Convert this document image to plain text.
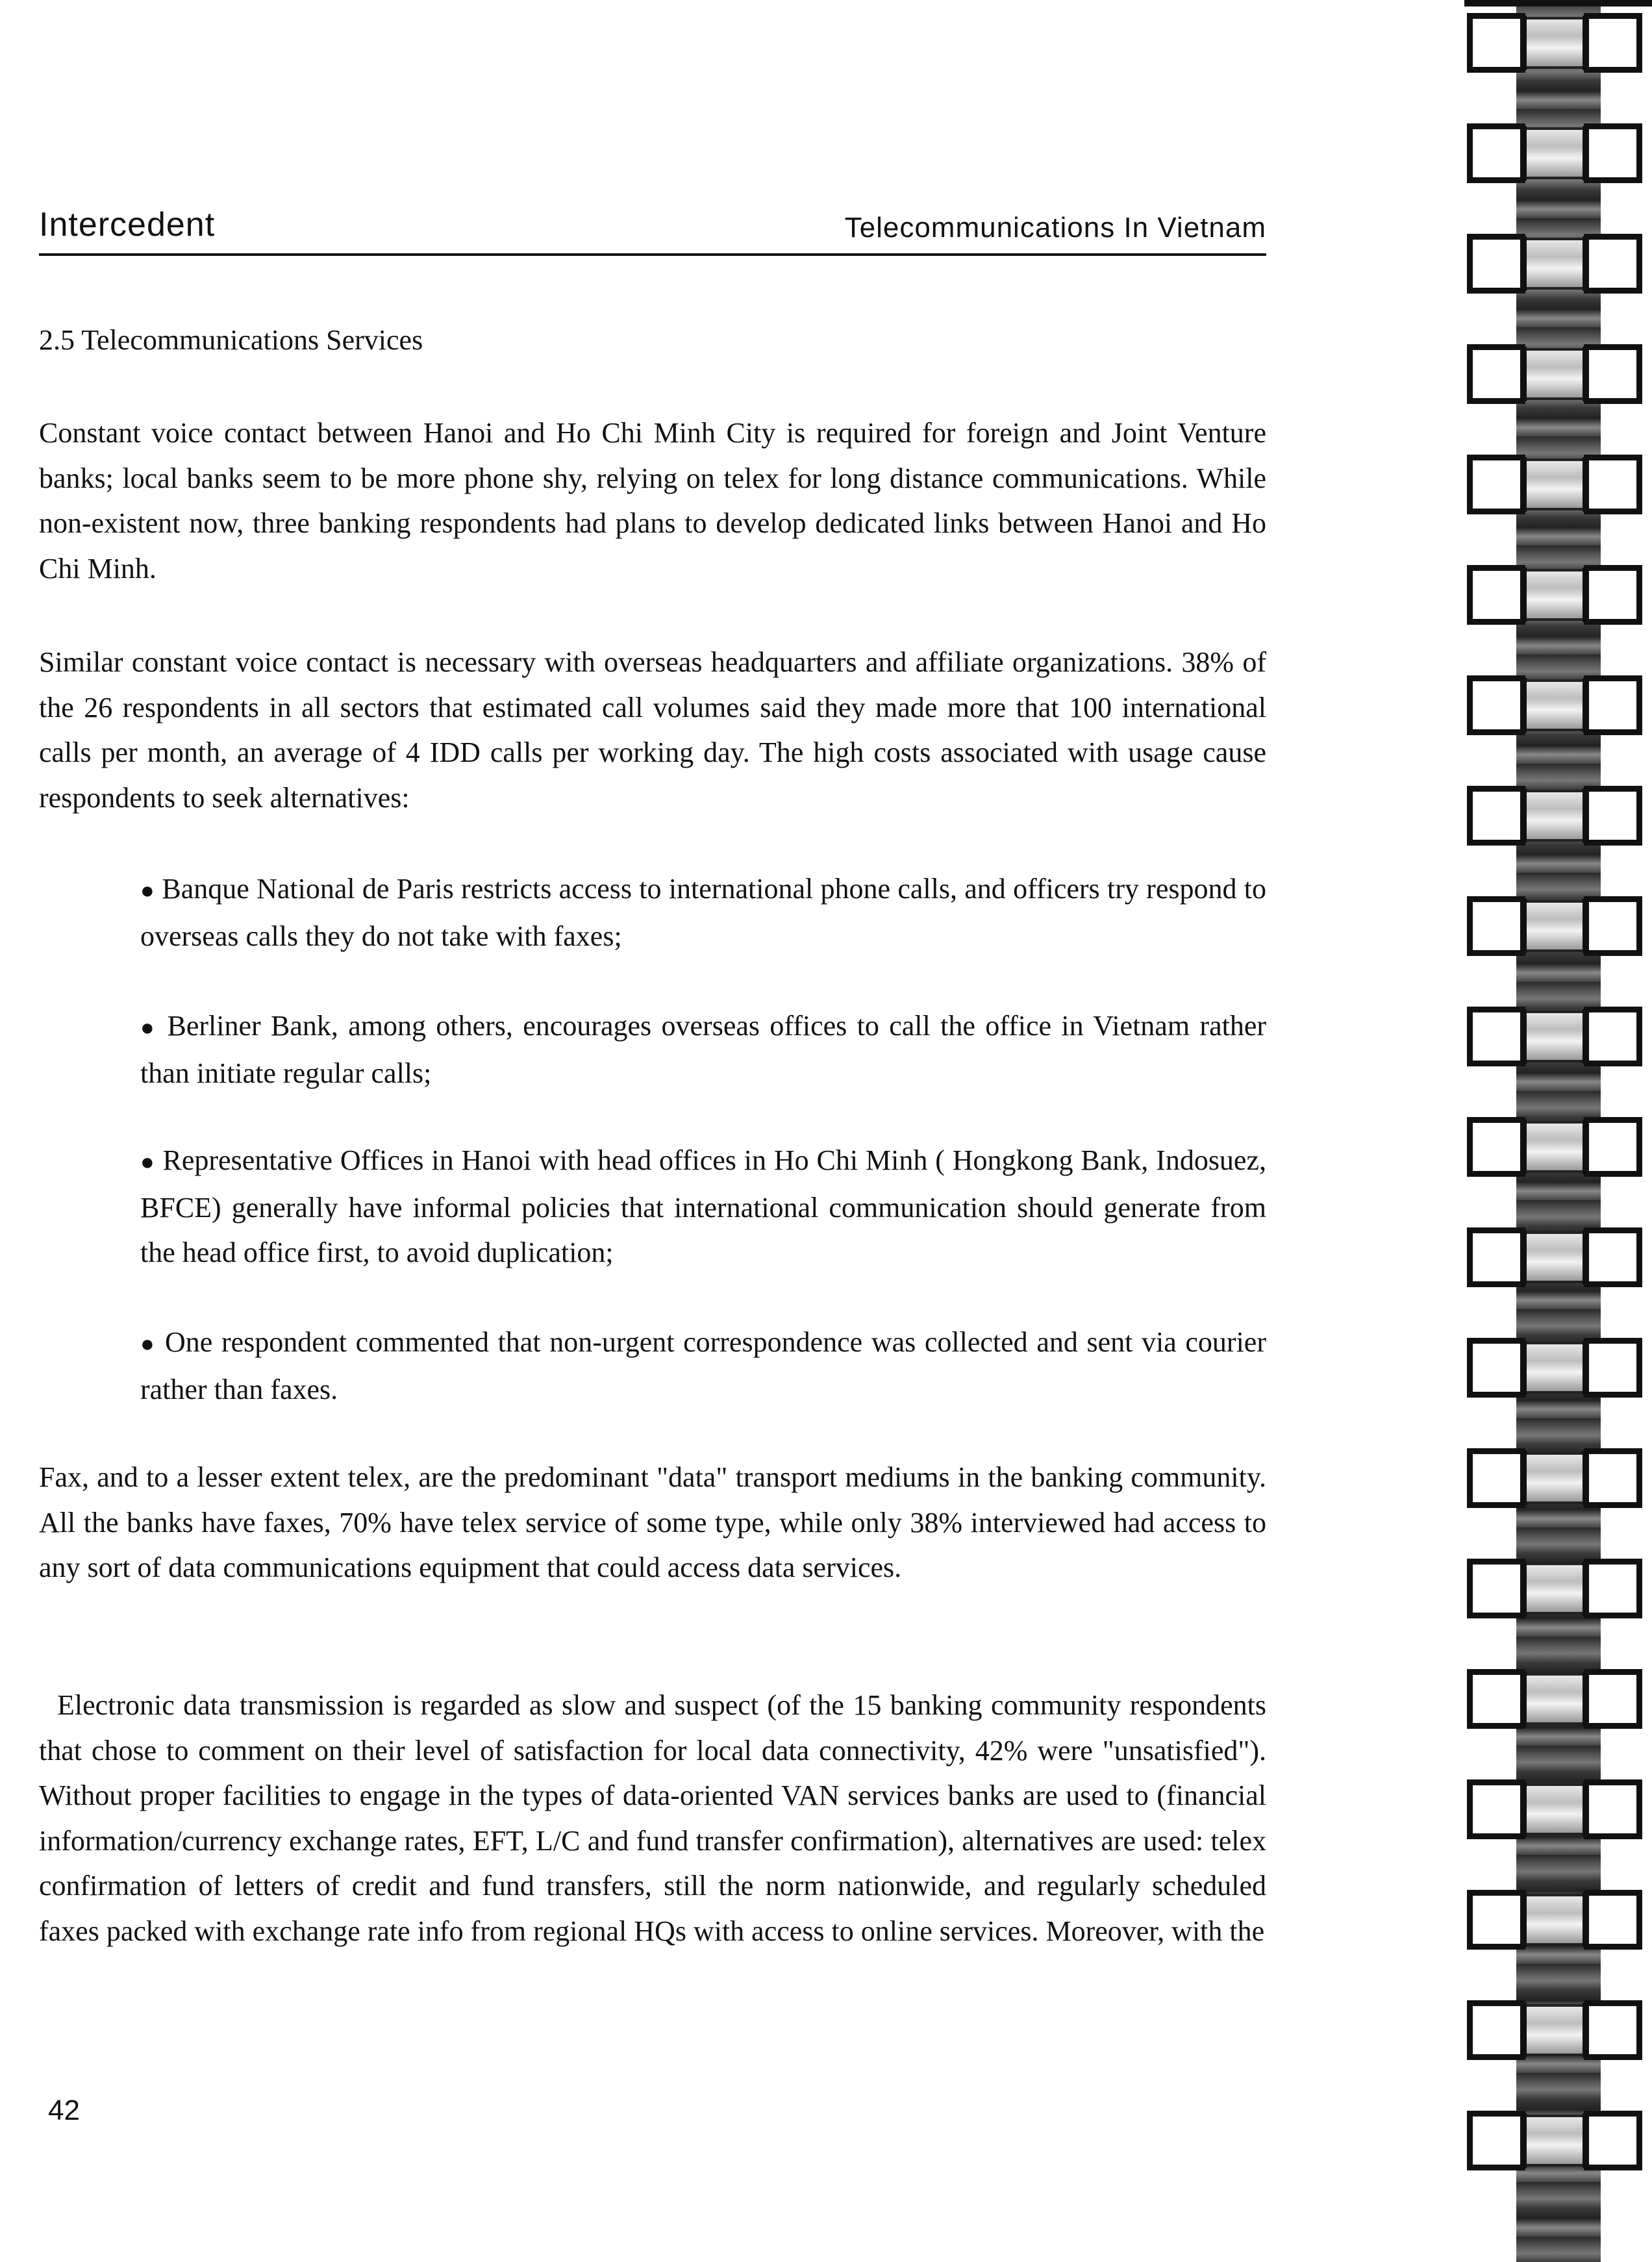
Intercedent	Telecommunications In Vietnam
2.5 Telecommunications Services
Constant voice contact between Hanoi and Ho Chi Minh City is required for foreign and Joint Venture banks; local banks seem to be more phone shy, relying on telex for long distance communications. While non-existent now, three banking respondents had plans to develop dedicated links between Hanoi and Ho Chi Minh.
Similar constant voice contact is necessary with overseas headquarters and affiliate organizations. 38% of the 26 respondents in all sectors that estimated call volumes said they made more that 100 international calls per month, an average of 4 IDD calls per working day. The high costs associated with usage cause respondents to seek alternatives:
● Banque National de Paris restricts access to international phone calls, and officers try respond to overseas calls they do not take with faxes;
● Berliner Bank, among others, encourages overseas offices to call the office in Vietnam rather than initiate regular calls;
● Representative Offices in Hanoi with head offices in Ho Chi Minh ( Hongkong Bank, Indosuez, BFCE) generally have informal policies that international communication should generate from the head office first, to avoid duplication;
● One respondent commented that non-urgent correspondence was collected and sent via courier rather than faxes.
Fax, and to a lesser extent telex, are the predominant "data" transport mediums in the banking community. All the banks have faxes, 70% have telex service of some type, while only 38% interviewed had access to any sort of data communications equipment that could access data services.
Electronic data transmission is regarded as slow and suspect (of the 15 banking community respondents that chose to comment on their level of satisfaction for local data connectivity, 42% were "unsatisfied"). Without proper facilities to engage in the types of data-oriented VAN services banks are used to (financial information/currency exchange rates, EFT, L/C and fund transfer confirmation), alternatives are used: telex confirmation of letters of credit and fund transfers, still the norm nationwide, and regularly scheduled faxes packed with exchange rate info from regional HQs with access to online services. Moreover, with the
42
